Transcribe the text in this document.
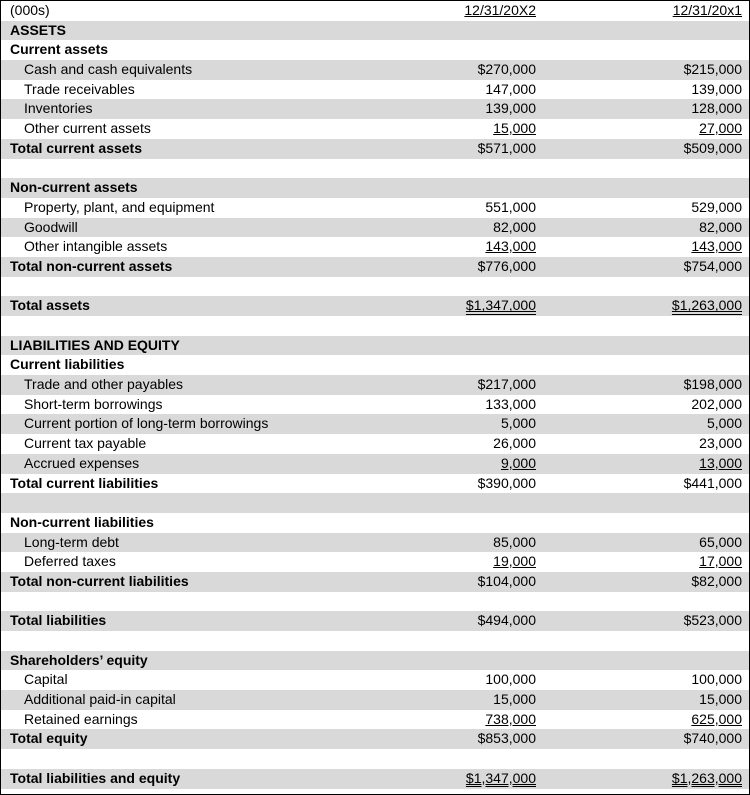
(000s)	12/31/20X2	12/31/20x1
ASSETS
Current assets
Cash and cash equivalents	$270,000	$215,000
Trade receivables	147,000	139,000
Inventories	139,000	128,000
Other current assets	15,000	27,000
Total current assets	$571,000	$509,000
Non-current assets
Property, plant, and equipment	551,000	529,000
Goodwill	82,000	82,000
Other intangible assets	143,000	143,000
Total non-current assets	$776,000	$754,000
Total assets	$1,347,000	$1,263,000
LIABILITIES AND EQUITY
Current liabilities
Trade and other payables	$217,000	$198,000
Short-term borrowings	133,000	202,000
Current portion of long-term borrowings	5,000	5,000
Current tax payable	26,000	23,000
Accrued expenses	9,000	13,000
Total current liabilities	$390,000	$441,000
Non-current liabilities
Long-term debt	85,000	65,000
Deferred taxes	19,000	17,000
Total non-current liabilities	$104,000	$82,000
Total liabilities	$494,000	$523,000
Shareholders’ equity
Capital	100,000	100,000
Additional paid-in capital	15,000	15,000
Retained earnings	738,000	625,000
Total equity	$853,000	$740,000
Total liabilities and equity	$1,347,000	$1,263,000
